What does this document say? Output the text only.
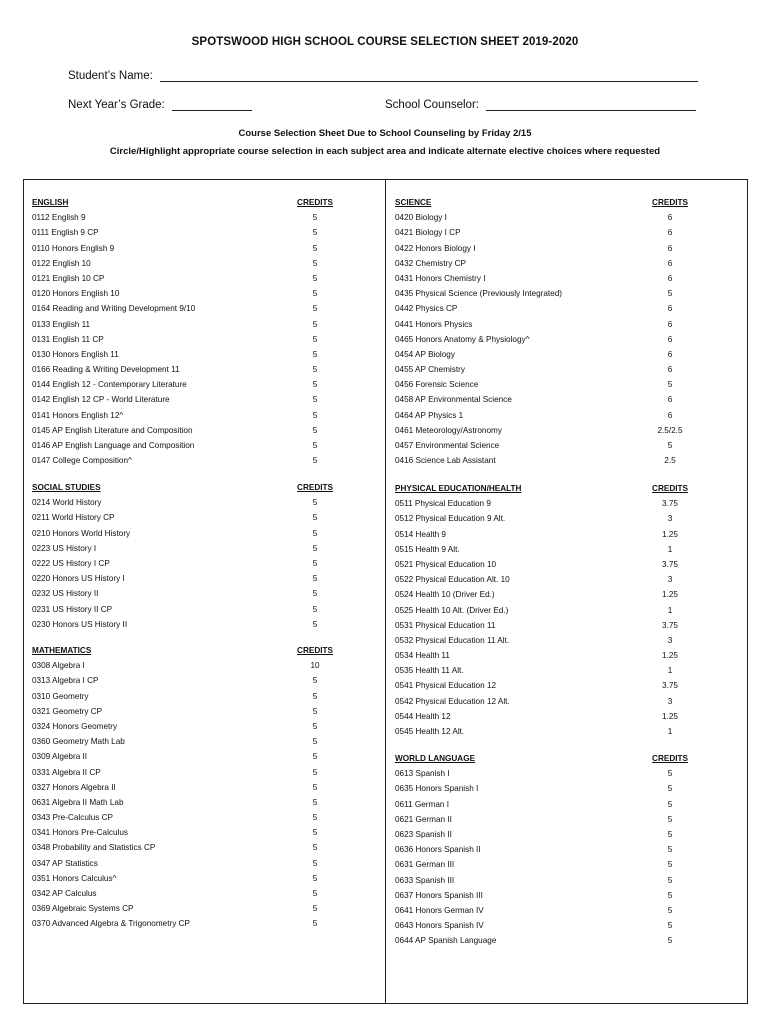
SPOTSWOOD HIGH SCHOOL COURSE SELECTION SHEET 2019-2020
Student’s Name:
Next Year’s Grade:	School Counselor:
Course Selection Sheet Due to School Counseling by Friday 2/15
Circle/Highlight appropriate course selection in each subject area and indicate alternate elective choices where requested
ENGLISH	CREDITS
0112 English 9	5
0111 English 9 CP	5
0110 Honors English 9	5
0122 English 10	5
0121 English 10 CP	5
0120 Honors English 10	5
0164 Reading and Writing Development 9/10	5
0133 English 11	5
0131 English 11 CP	5
0130 Honors English 11	5
0166 Reading & Writing Development 11	5
0144 English 12 - Contemporary Literature	5
0142 English 12 CP - World Literature	5
0141 Honors English 12^	5
0145 AP English Literature and Composition	5
0146 AP English Language and Composition	5
0147 College Composition^	5
SOCIAL STUDIES	CREDITS
0214 World History	5
0211 World History CP	5
0210 Honors World History	5
0223 US History I	5
0222 US History I CP	5
0220 Honors US History I	5
0232 US History II	5
0231 US History II CP	5
0230 Honors US History II	5
MATHEMATICS	CREDITS
0308 Algebra I	10
0313 Algebra I CP	5
0310 Geometry	5
0321 Geometry CP	5
0324 Honors Geometry	5
0360 Geometry Math Lab	5
0309 Algebra II	5
0331 Algebra II CP	5
0327 Honors Algebra II	5
0631 Algebra II Math Lab	5
0343 Pre-Calculus CP	5
0341 Honors Pre-Calculus	5
0348 Probability and Statistics CP	5
0347 AP Statistics	5
0351 Honors Calculus^	5
0342 AP Calculus	5
0369 Algebraic Systems CP	5
0370 Advanced Algebra & Trigonometry CP	5
SCIENCE	CREDITS
0420 Biology I	6
0421 Biology I CP	6
0422 Honors Biology I	6
0432 Chemistry CP	6
0431 Honors Chemistry I	6
0435 Physical Science (Previously Integrated)	5
0442 Physics CP	6
0441 Honors Physics	6
0465 Honors Anatomy & Physiology^	6
0454 AP Biology	6
0455 AP Chemistry	6
0456 Forensic Science	5
0458 AP Environmental Science	6
0464 AP Physics 1	6
0461 Meteorology/Astronomy	2.5/2.5
0457 Environmental Science	5
0416 Science Lab Assistant	2.5
PHYSICAL EDUCATION/HEALTH	CREDITS
0511 Physical Education 9	3.75
0512 Physical Education 9 Alt.	3
0514 Health 9	1.25
0515 Health 9 Alt.	1
0521 Physical Education 10	3.75
0522 Physical Education Alt. 10	3
0524 Health 10 (Driver Ed.)	1.25
0525 Health 10 Alt. (Driver Ed.)	1
0531 Physical Education 11	3.75
0532 Physical Education 11 Alt.	3
0534 Health 11	1.25
0535 Health 11 Alt.	1
0541 Physical Education 12	3.75
0542 Physical Education 12 Alt.	3
0544 Health 12	1.25
0545 Health 12 Alt.	1
WORLD LANGUAGE	CREDITS
0613 Spanish I	5
0635 Honors Spanish I	5
0611 German I	5
0621 German II	5
0623 Spanish II	5
0636 Honors Spanish II	5
0631 German III	5
0633 Spanish III	5
0637 Honors Spanish III	5
0641 Honors German IV	5
0643 Honors Spanish IV	5
0644 AP Spanish Language	5
